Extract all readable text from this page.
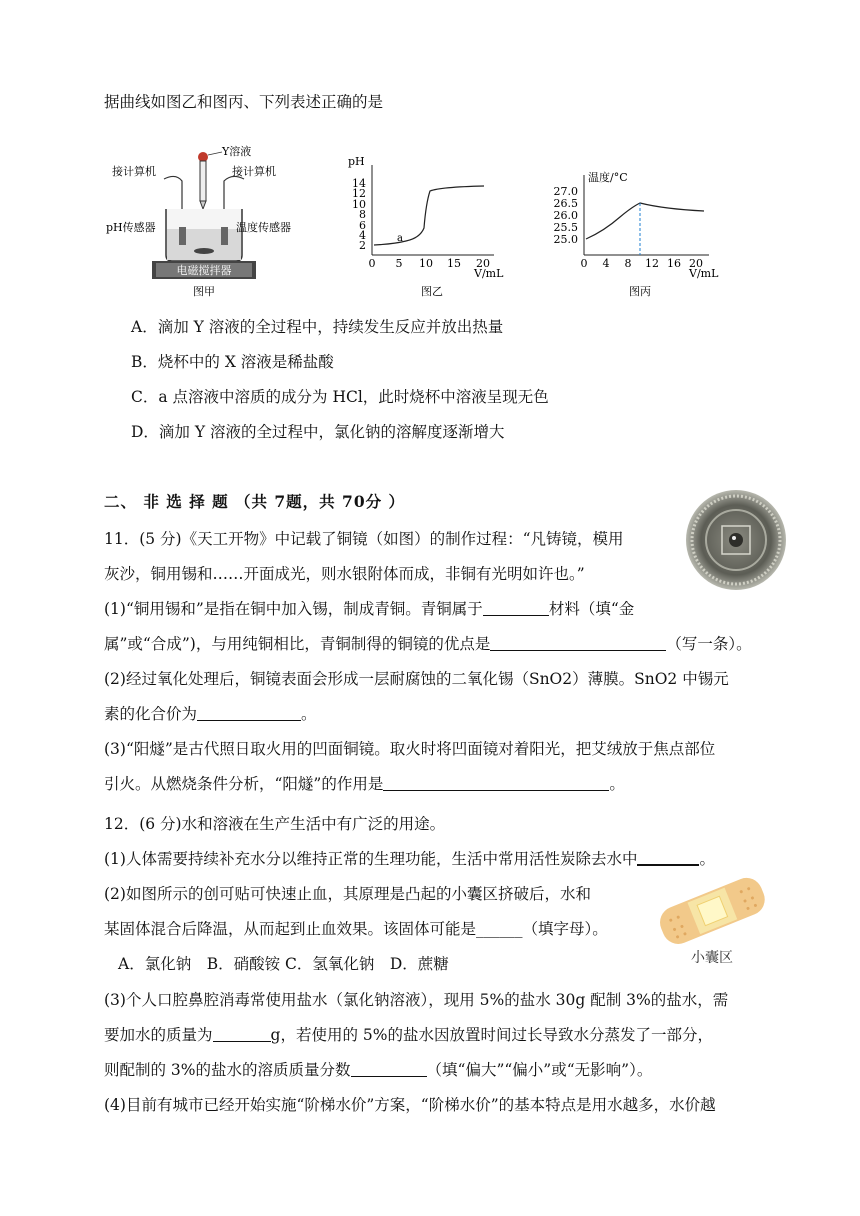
据曲线如图乙和图丙、下列表述正确的是
Y溶液
接计算机	接计算机
pH传感器	温度传感器
电磁搅拌器
图甲
pH
14
12
10
8
6
4
2
a
0 5 10 15 20
V/mL
图乙
温度/°C
27.0
26.5
26.0
25.5
25.0
0 4 8 12 16 20
V/mL
图丙
A．滴加 Y 溶液的全过程中，持续发生反应并放出热量
B．烧杯中的 X 溶液是稀盐酸
C．a 点溶液中溶质的成分为 HCl，此时烧杯中溶液呈现无色
D．滴加 Y 溶液的全过程中，氯化钠的溶解度逐渐增大
二、 非 选 择 题 （共 7题，共 70分 ）
11．(5 分)《天工开物》中记载了铜镜（如图）的制作过程：“凡铸镜，模用
灰沙，铜用锡和……开面成光，则水银附体而成，非铜有光明如许也。”
(1)“铜用锡和”是指在铜中加入锡，制成青铜。青铜属于	材料（填“金
属”或“合成”)，与用纯铜相比，青铜制得的铜镜的优点是	（写一条）。
(2)经过氧化处理后，铜镜表面会形成一层耐腐蚀的二氧化锡（SnO2）薄膜。SnO2 中锡元
素的化合价为	。
(3)“阳燧”是古代照日取火用的凹面铜镜。取火时将凹面镜对着阳光，把艾绒放于焦点部位
引火。从燃烧条件分析，“阳燧”的作用是	。
12．(6 分)水和溶液在生产生活中有广泛的用途。
(1)人体需要持续补充水分以维持正常的生理功能，生活中常用活性炭除去水中	。
(2)如图所示的创可贴可快速止血，其原理是凸起的小囊区挤破后，水和
某固体混合后降温，从而起到止血效果。该固体可能是______（填字母）。
A．氯化钠　B．硝酸铵 C．氢氧化钠　D．蔗糖	小囊区
(3)个人口腔鼻腔消毒常使用盐水（氯化钠溶液），现用 5%的盐水 30g 配制 3%的盐水，需
要加水的质量为	g，若使用的 5%的盐水因放置时间过长导致水分蒸发了一部分，
则配制的 3%的盐水的溶质质量分数	（填“偏大”“偏小”或“无影响”）。
(4)目前有城市已经开始实施“阶梯水价”方案，“阶梯水价”的基本特点是用水越多，水价越
